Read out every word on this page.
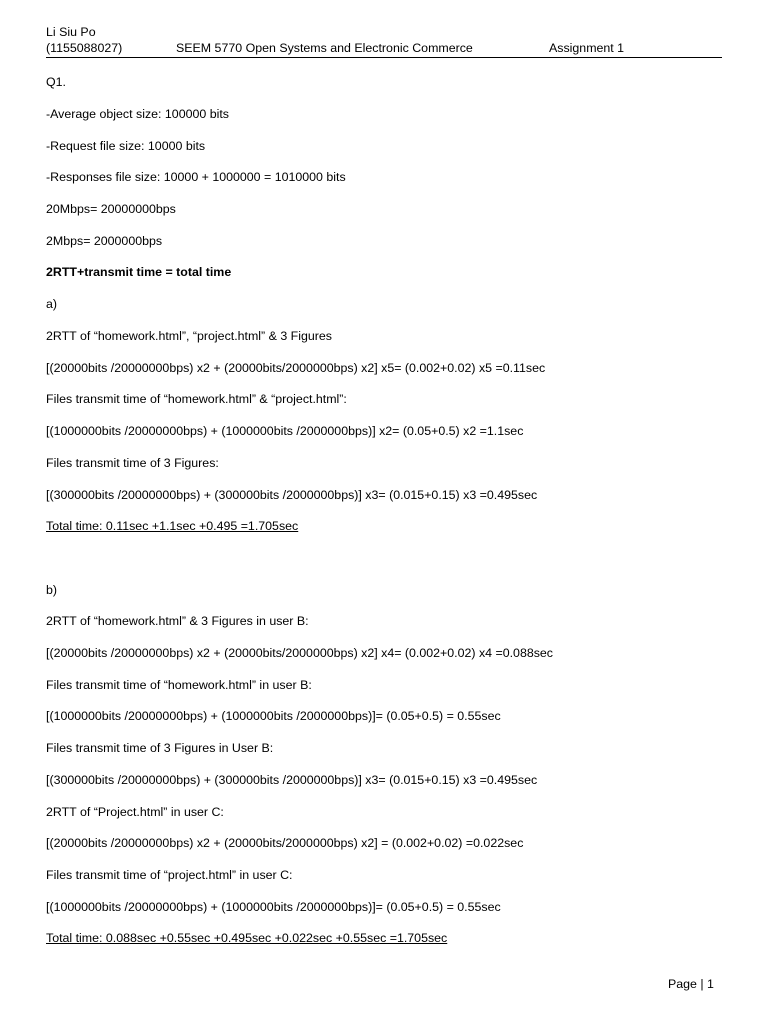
Li Siu Po
(1155088027)	SEEM 5770 Open Systems and Electronic Commerce	Assignment 1
Q1.
-Average object size: 100000 bits
-Request file size: 10000 bits
-Responses file size: 10000 + 1000000 = 1010000 bits
20Mbps= 20000000bps
2Mbps= 2000000bps
2RTT+transmit time = total time
a)
2RTT of “homework.html”, “project.html” & 3 Figures
[(20000bits /20000000bps) x2 + (20000bits/2000000bps) x2] x5= (0.002+0.02) x5 =0.11sec
Files transmit time of “homework.html” & “project.html”:
[(1000000bits /20000000bps) + (1000000bits /2000000bps)] x2= (0.05+0.5) x2 =1.1sec
Files transmit time of 3 Figures:
[(300000bits /20000000bps) + (300000bits /2000000bps)] x3= (0.015+0.15) x3 =0.495sec
Total time: 0.11sec +1.1sec +0.495 =1.705sec
b)
2RTT of “homework.html” & 3 Figures in user B:
[(20000bits /20000000bps) x2 + (20000bits/2000000bps) x2] x4= (0.002+0.02) x4 =0.088sec
Files transmit time of “homework.html” in user B:
[(1000000bits /20000000bps) + (1000000bits /2000000bps)]= (0.05+0.5) = 0.55sec
Files transmit time of 3 Figures in User B:
[(300000bits /20000000bps) + (300000bits /2000000bps)] x3= (0.015+0.15) x3 =0.495sec
2RTT of “Project.html” in user C:
[(20000bits /20000000bps) x2 + (20000bits/2000000bps) x2] = (0.002+0.02) =0.022sec
Files transmit time of “project.html” in user C:
[(1000000bits /20000000bps) + (1000000bits /2000000bps)]= (0.05+0.5) = 0.55sec
Total time: 0.088sec +0.55sec +0.495sec +0.022sec +0.55sec =1.705sec
Page | 1
